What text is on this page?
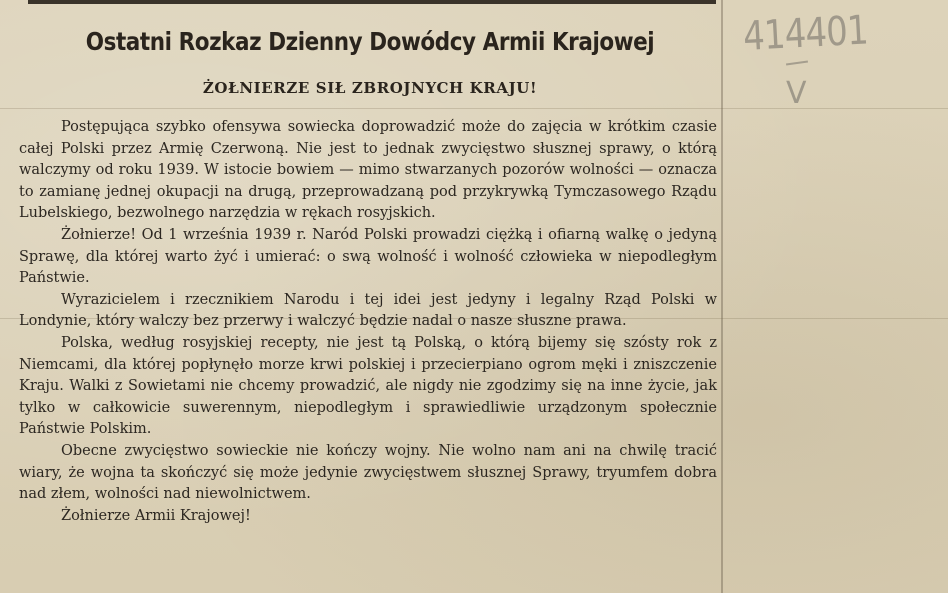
Ostatni Rozkaz Dzienny Dowódcy Armii Krajowej
ŻOŁNIERZE SIŁ ZBROJNYCH KRAJU!

Postępująca szybko ofensywa sowiecka doprowadzić może do zajęcia w krótkim czasie całej Polski przez Armię Czerwoną. Nie jest to jednak zwycięstwo słusznej sprawy, o którą walczymy od roku 1939. W istocie bowiem — mimo stwarzanych pozorów wolności — oznacza to zamianę jednej okupacji na drugą, przeprowadzaną pod przykrywką Tymczasowego Rządu Lubelskiego, bezwolnego narzędzia w rękach rosyjskich.

Żołnierze! Od 1 września 1939 r. Naród Polski prowadzi ciężką i ofiarną walkę o jedyną Sprawę, dla której warto żyć i umierać: o swą wolność i wolność człowieka w niepodległym Państwie.

Wyrazicielem i rzecznikiem Narodu i tej idei jest jedyny i legalny Rząd Polski w Londynie, który walczy bez przerwy i walczyć będzie nadal o nasze słuszne prawa.

Polska, według rosyjskiej recepty, nie jest tą Polską, o którą bijemy się szósty rok z Niemcami, dla której popłynęło morze krwi polskiej i przecierpiano ogrom męki i zniszczenie Kraju. Walki z Sowietami nie chcemy prowadzić, ale nigdy nie zgodzimy się na inne życie, jak tylko w całkowicie suwerennym, niepodległym i sprawiedliwie urządzonym społecznie Państwie Polskim.

Obecne zwycięstwo sowieckie nie kończy wojny. Nie wolno nam ani na chwilę tracić wiary, że wojna ta skończyć się może jedynie zwycięstwem słusznej Sprawy, tryumfem dobra nad złem, wolności nad niewolnictwem.

Żołnierze Armii Krajowej!

414401
V
